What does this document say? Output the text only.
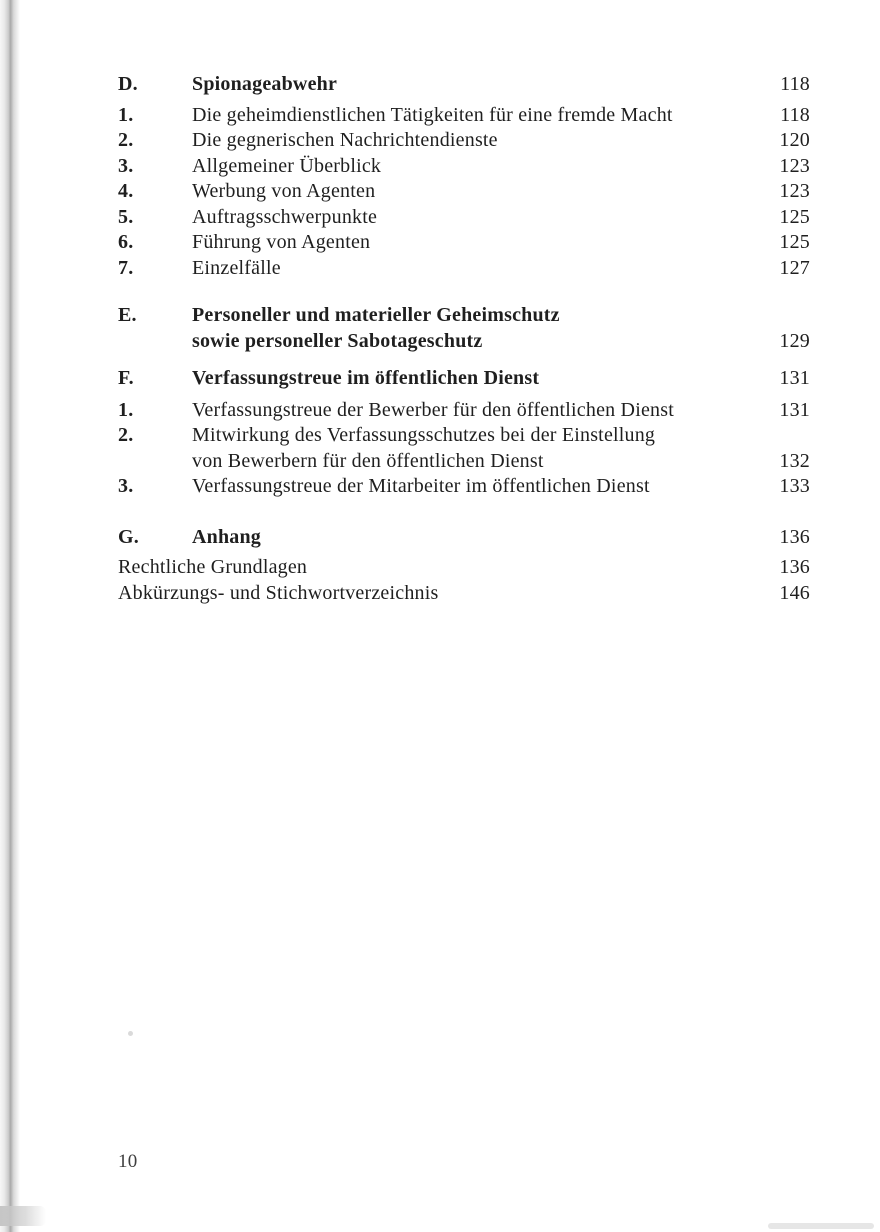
D.	Spionageabwehr	118
1.	Die geheimdienstlichen Tätigkeiten für eine fremde Macht	118
2.	Die gegnerischen Nachrichtendienste	120
3.	Allgemeiner Überblick	123
4.	Werbung von Agenten	123
5.	Auftragsschwerpunkte	125
6.	Führung von Agenten	125
7.	Einzelfälle	127
E.	Personeller und materieller Geheimschutz
sowie personeller Sabotageschutz	129
F.	Verfassungstreue im öffentlichen Dienst	131
1.	Verfassungstreue der Bewerber für den öffentlichen Dienst	131
2.	Mitwirkung des Verfassungsschutzes bei der Einstellung
von Bewerbern für den öffentlichen Dienst	132
3.	Verfassungstreue der Mitarbeiter im öffentlichen Dienst	133
G.	Anhang	136
Rechtliche Grundlagen	136
Abkürzungs- und Stichwortverzeichnis	146
10
